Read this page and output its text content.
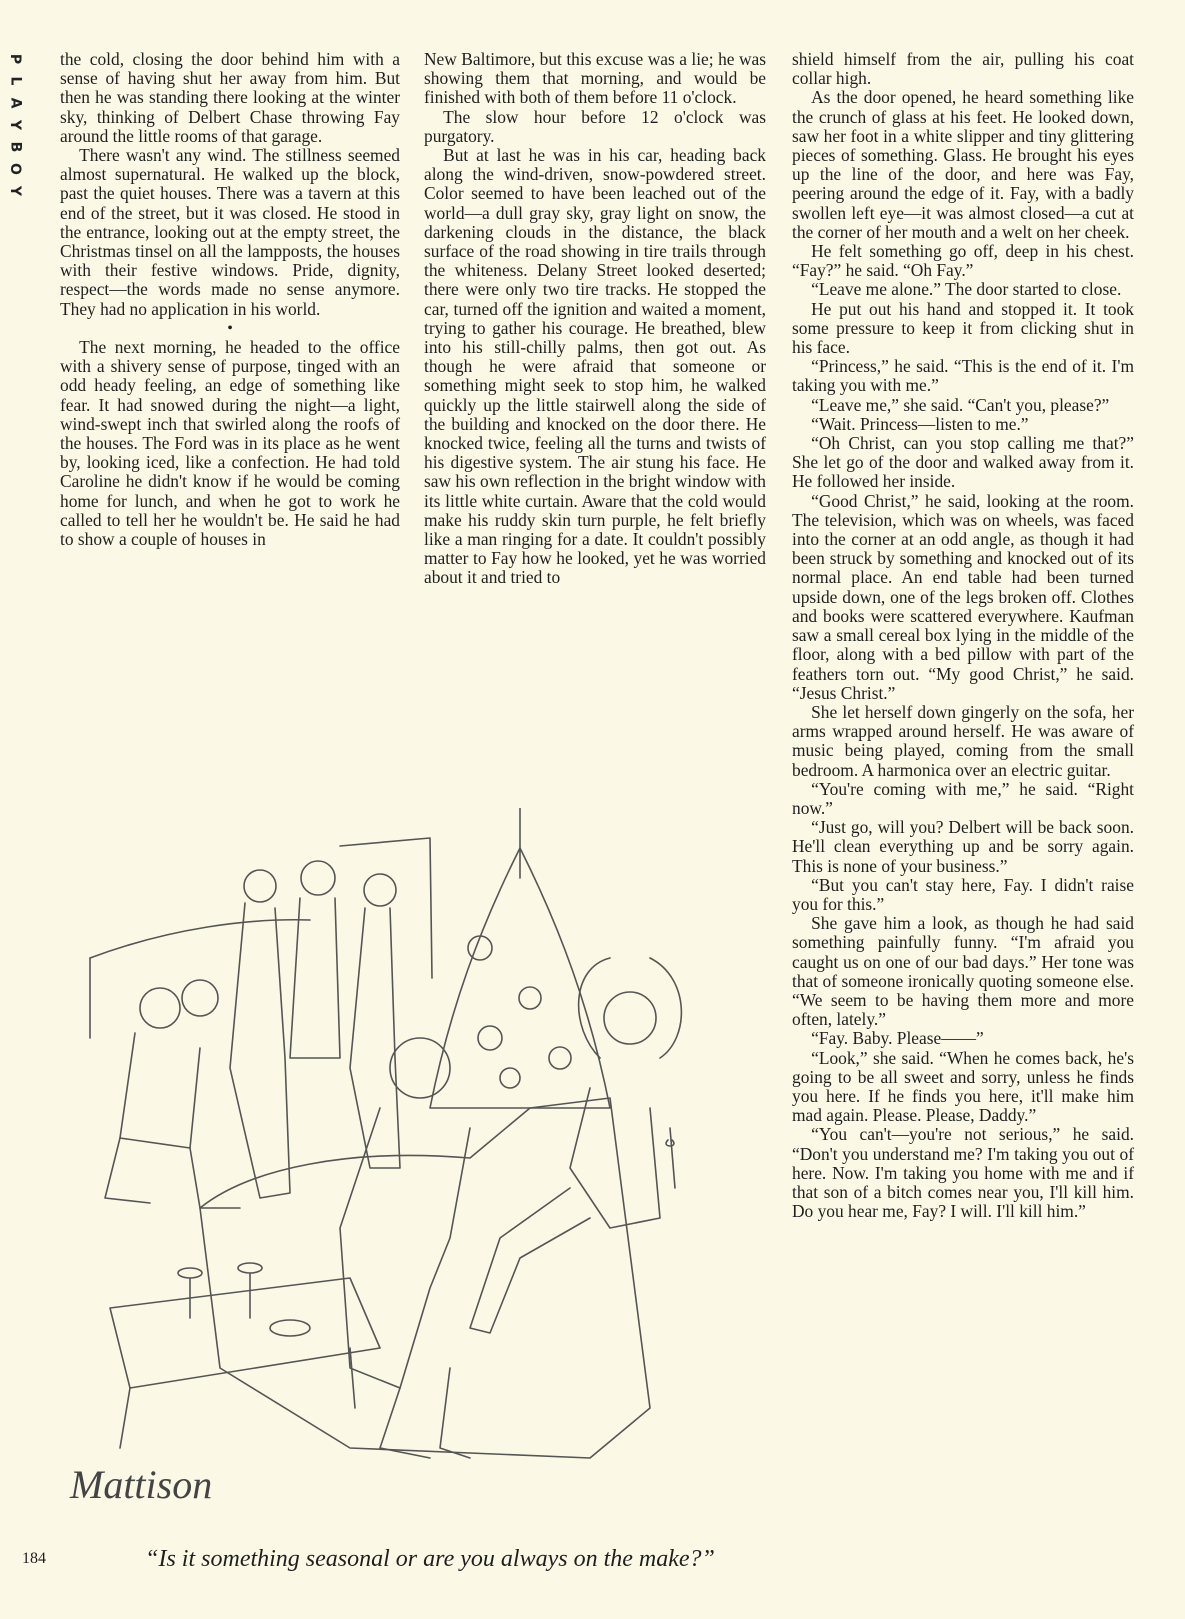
P
L
A
Y
B
O
Y

the cold, closing the door behind him with a sense of having shut her away from him. But then he was standing there looking at the winter sky, thinking of Delbert Chase throwing Fay around the little rooms of that garage.

There wasn't any wind. The stillness seemed almost supernatural. He walked up the block, past the quiet houses. There was a tavern at this end of the street, but it was closed. He stood in the entrance, looking out at the empty street, the Christmas tinsel on all the lampposts, the houses with their festive windows. Pride, dignity, respect—the words made no sense anymore. They had no application in his world.

•

The next morning, he headed to the office with a shivery sense of purpose, tinged with an odd heady feeling, an edge of something like fear. It had snowed during the night—a light, wind-swept inch that swirled along the roofs of the houses. The Ford was in its place as he went by, looking iced, like a confection. He had told Caroline he didn't know if he would be coming home for lunch, and when he got to work he called to tell her he wouldn't be. He said he had to show a couple of houses in

New Baltimore, but this excuse was a lie; he was showing them that morning, and would be finished with both of them before 11 o'clock.

The slow hour before 12 o'clock was purgatory.

But at last he was in his car, heading back along the wind-driven, snow-powdered street. Color seemed to have been leached out of the world—a dull gray sky, gray light on snow, the darkening clouds in the distance, the black surface of the road showing in tire trails through the whiteness. Delany Street looked deserted; there were only two tire tracks. He stopped the car, turned off the ignition and waited a moment, trying to gather his courage. He breathed, blew into his still-chilly palms, then got out. As though he were afraid that someone or something might seek to stop him, he walked quickly up the little stairwell along the side of the building and knocked on the door there. He knocked twice, feeling all the turns and twists of his digestive system. The air stung his face. He saw his own reflection in the bright window with its little white curtain. Aware that the cold would make his ruddy skin turn purple, he felt briefly like a man ringing for a date. It couldn't possibly matter to Fay how he looked, yet he was worried about it and tried to

shield himself from the air, pulling his coat collar high.

As the door opened, he heard something like the crunch of glass at his feet. He looked down, saw her foot in a white slipper and tiny glittering pieces of something. Glass. He brought his eyes up the line of the door, and here was Fay, peering around the edge of it. Fay, with a badly swollen left eye—it was almost closed—a cut at the corner of her mouth and a welt on her cheek.

He felt something go off, deep in his chest. “Fay?” he said. “Oh Fay.”

“Leave me alone.” The door started to close.

He put out his hand and stopped it. It took some pressure to keep it from clicking shut in his face.

“Princess,” he said. “This is the end of it. I'm taking you with me.”

“Leave me,” she said. “Can't you, please?”

“Wait. Princess—listen to me.”

“Oh Christ, can you stop calling me that?” She let go of the door and walked away from it. He followed her inside.

“Good Christ,” he said, looking at the room. The television, which was on wheels, was faced into the corner at an odd angle, as though it had been struck by something and knocked out of its normal place. An end table had been turned upside down, one of the legs broken off. Clothes and books were scattered everywhere. Kaufman saw a small cereal box lying in the middle of the floor, along with a bed pillow with part of the feathers torn out. “My good Christ,” he said. “Jesus Christ.”

She let herself down gingerly on the sofa, her arms wrapped around herself. He was aware of music being played, coming from the small bedroom. A harmonica over an electric guitar.

“You're coming with me,” he said. “Right now.”

“Just go, will you? Delbert will be back soon. He'll clean everything up and be sorry again. This is none of your business.”

“But you can't stay here, Fay. I didn't raise you for this.”

She gave him a look, as though he had said something painfully funny. “I'm afraid you caught us on one of our bad days.” Her tone was that of someone ironically quoting someone else. “We seem to be having them more and more often, lately.”

“Fay. Baby. Please——”

“Look,” she said. “When he comes back, he's going to be all sweet and sorry, unless he finds you here. If he finds you here, it'll make him mad again. Please. Please, Daddy.”

“You can't—you're not serious,” he said. “Don't you understand me? I'm taking you out of here. Now. I'm taking you home with me and if that son of a bitch comes near you, I'll kill him. Do you hear me, Fay? I will. I'll kill him.”

Mattison
184	“Is it something seasonal or are you always on the make?”
